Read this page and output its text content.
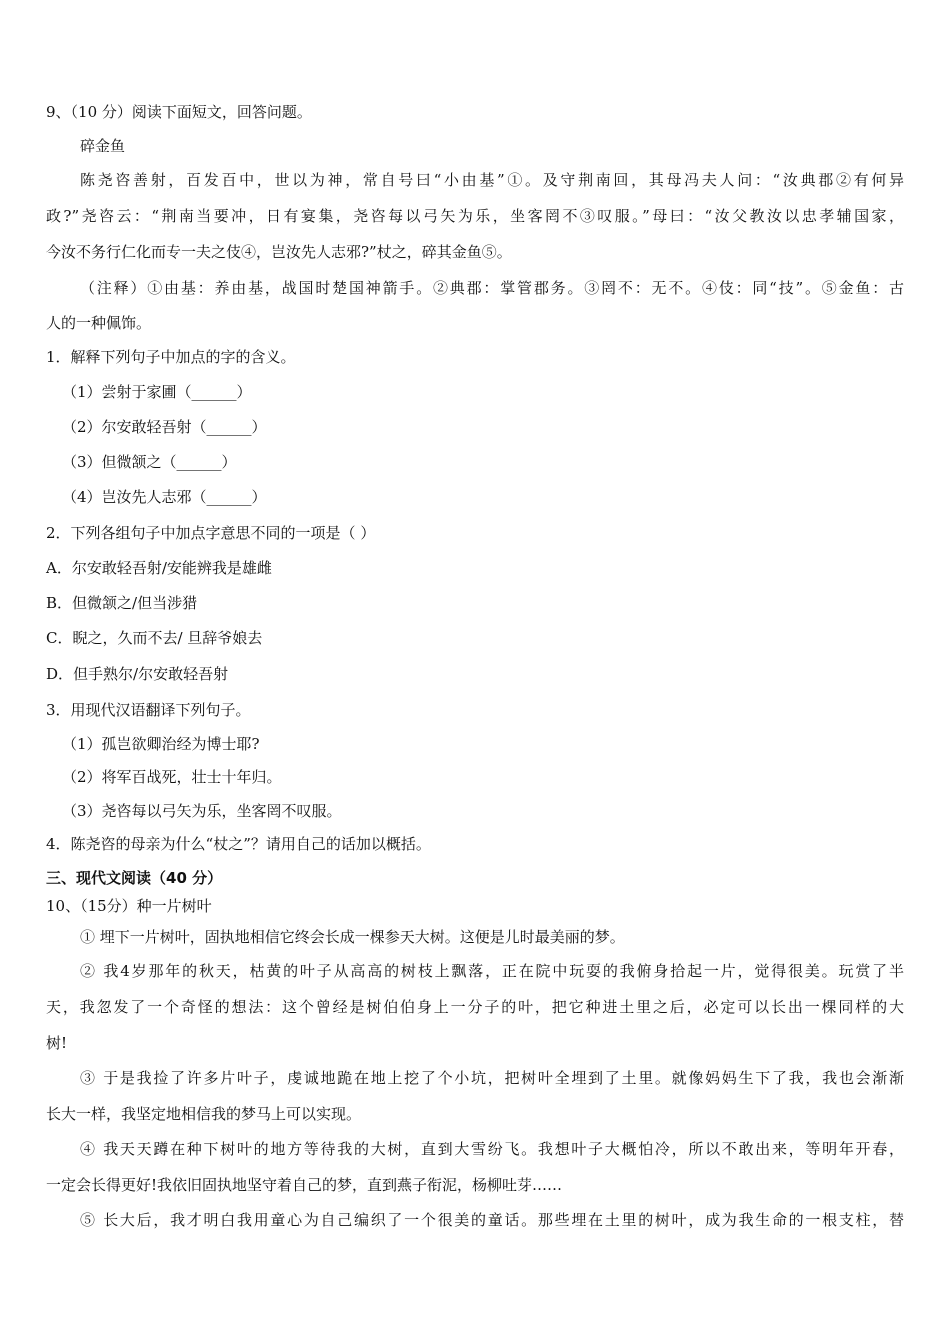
9、（10 分）阅读下面短文，回答问题。
碎金鱼
陈尧咨善射，百发百中，世以为神，常自号曰“小由基”①。及守荆南回，其母冯夫人问：“汝典郡②有何异
政?”尧咨云：“荆南当要冲，日有宴集，尧咨每以弓矢为乐，坐客罔不③叹服。”母曰：“汝父教汝以忠孝辅国家，
今汝不务行仁化而专一夫之伎④，岂汝先人志邪?”杖之，碎其金鱼⑤。
（注释）①由基：养由基，战国时楚国神箭手。②典郡：掌管郡务。③罔不：无不。④伎：同“技”。⑤金鱼：古
人的一种佩饰。
1．解释下列句子中加点的字的含义。
（1）尝射于家圃（______）
（2）尔安敢轻吾射（______）
（3）但微颔之（______）
（4）岂汝先人志邪（______）
2．下列各组句子中加点字意思不同的一项是（ ）
A．尔安敢轻吾射/安能辨我是雄雌
B．但微颔之/但当涉猎
C．睨之，久而不去/ 旦辞爷娘去
D．但手熟尔/尔安敢轻吾射
3．用现代汉语翻译下列句子。
（1）孤岂欲卿治经为博士耶?
（2）将军百战死，壮士十年归。
（3）尧咨每以弓矢为乐，坐客罔不叹服。
4．陈尧咨的母亲为什么“杖之”？请用自己的话加以概括。
三、现代文阅读（40 分）
10、（15分）种一片树叶
① 埋下一片树叶，固执地相信它终会长成一棵参天大树。这便是儿时最美丽的梦。
② 我4岁那年的秋天，枯黄的叶子从高高的树枝上飘落，正在院中玩耍的我俯身拾起一片，觉得很美。玩赏了半
天，我忽发了一个奇怪的想法：这个曾经是树伯伯身上一分子的叶，把它种进土里之后，必定可以长出一棵同样的大
树!
③ 于是我捡了许多片叶子，虔诚地跪在地上挖了个小坑，把树叶全埋到了土里。就像妈妈生下了我，我也会渐渐
长大一样，我坚定地相信我的梦马上可以实现。
④ 我天天蹲在种下树叶的地方等待我的大树，直到大雪纷飞。我想叶子大概怕冷，所以不敢出来，等明年开春，
一定会长得更好!我依旧固执地坚守着自己的梦，直到燕子衔泥，杨柳吐芽……
⑤ 长大后，我才明白我用童心为自己编织了一个很美的童话。那些埋在土里的树叶，成为我生命的一根支柱，替
